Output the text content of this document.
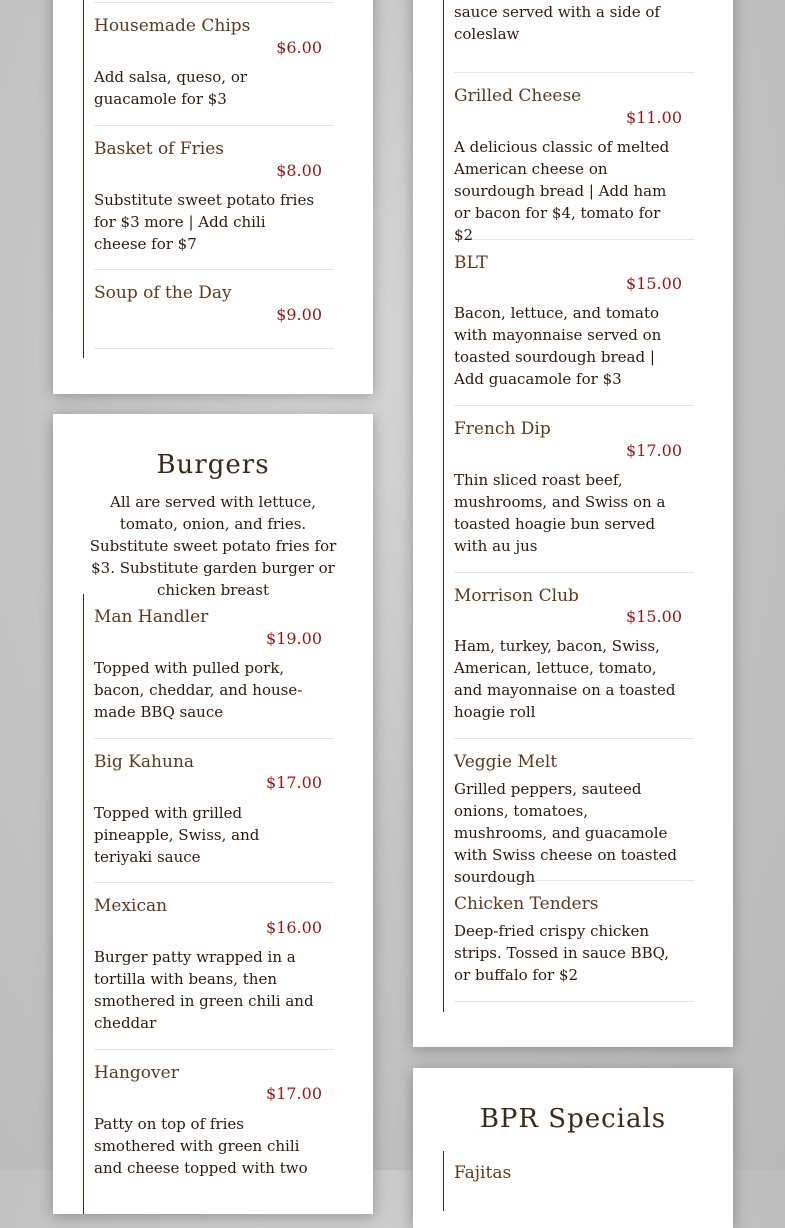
Housemade Chips
$6.00

Add salsa, queso, or guacamole for $3

Basket of Fries
$8.00

Substitute sweet potato fries for $3 more | Add chili cheese for $7

Soup of the Day
$9.00
Burgers

All are served with lettuce, tomato, onion, and fries. Substitute sweet potato fries for $3. Substitute garden burger or chicken breast

Man Handler
$19.00

Topped with pulled pork, bacon, cheddar, and house-made BBQ sauce

Big Kahuna
$17.00

Topped with grilled pineapple, Swiss, and teriyaki sauce

Mexican
$16.00

Burger patty wrapped in a tortilla with beans, then smothered in green chili and cheddar

Hangover
$17.00

Patty on top of fries smothered with green chili and cheese topped with two

sauce served with a side of coleslaw

Grilled Cheese
$11.00

A delicious classic of melted American cheese on sourdough bread | Add ham or bacon for $4, tomato for $2

BLT
$15.00

Bacon, lettuce, and tomato with mayonnaise served on toasted sourdough bread | Add guacamole for $3

French Dip
$17.00

Thin sliced roast beef, mushrooms, and Swiss on a toasted hoagie bun served with au jus

Morrison Club
$15.00

Ham, turkey, bacon, Swiss, American, lettuce, tomato, and mayonnaise on a toasted hoagie roll

Veggie Melt

Grilled peppers, sauteed onions, tomatoes, mushrooms, and guacamole with Swiss cheese on toasted sourdough

Chicken Tenders

Deep-fried crispy chicken strips. Tossed in sauce BBQ, or buffalo for $2

BPR Specials
Fajitas
